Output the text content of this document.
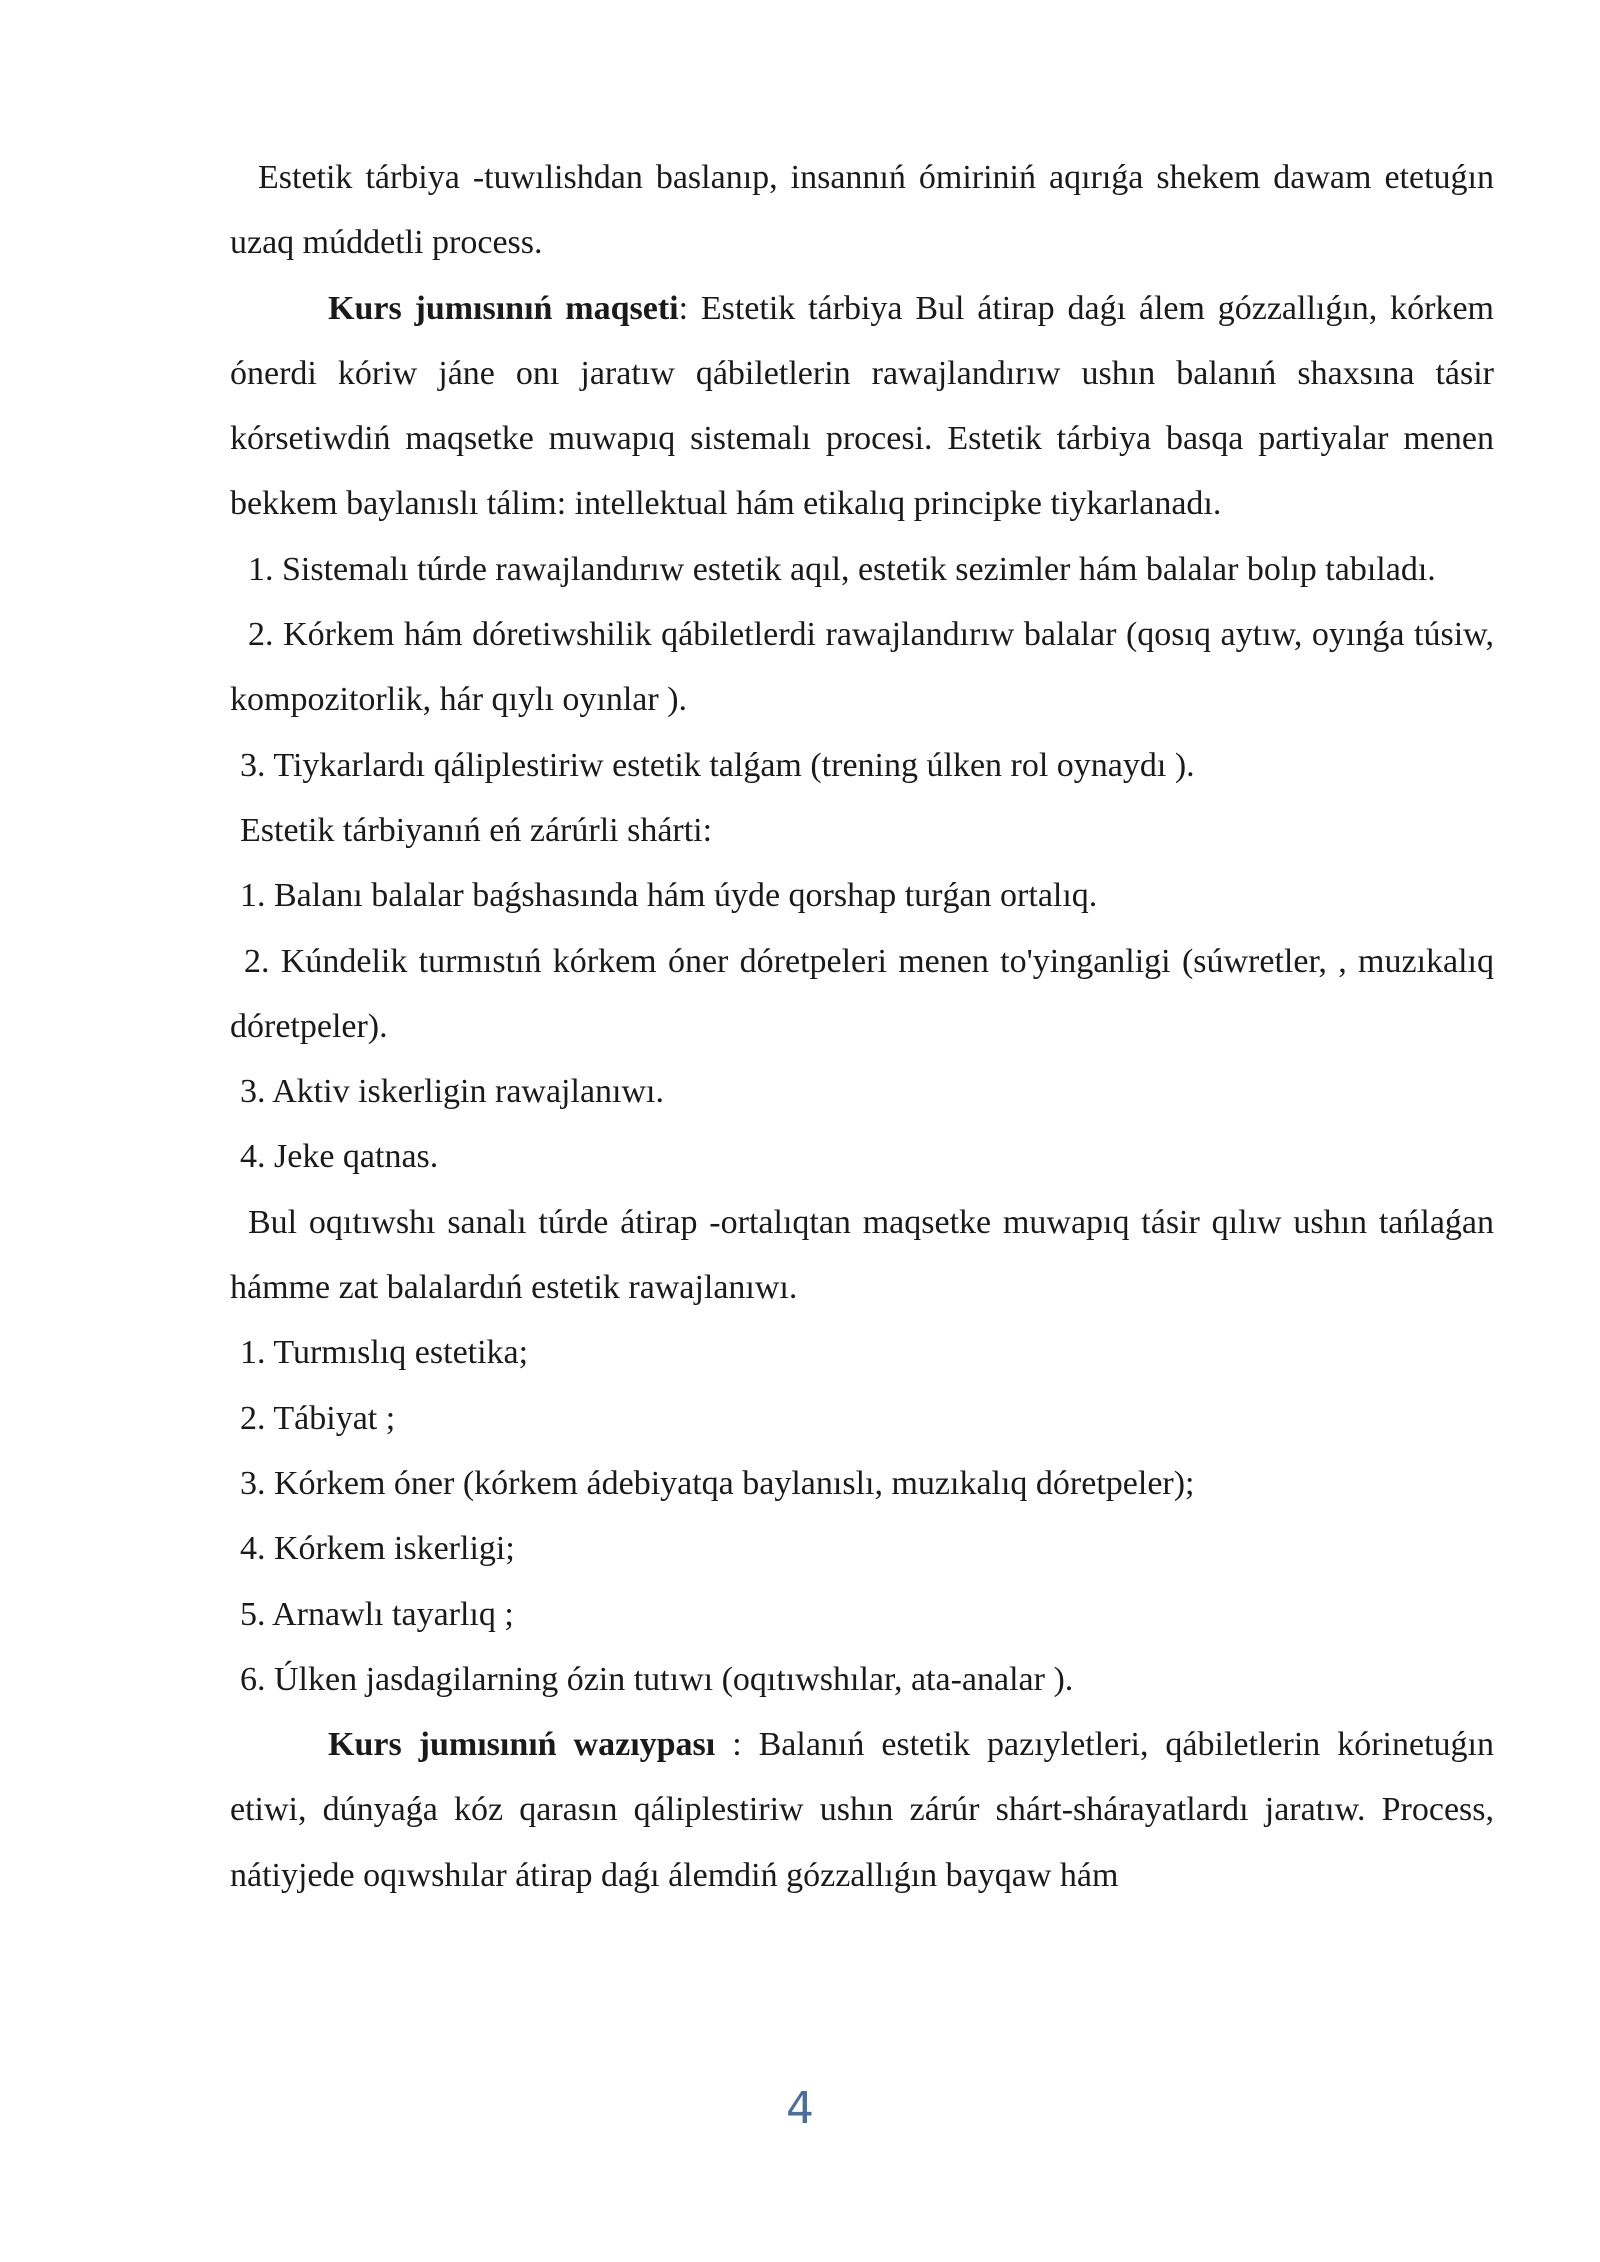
Estetik tárbiya -tuwılishdan baslanıp, insannıń ómiriniń aqırıǵa shekem dawam etetuǵın uzaq múddetli process.

Kurs jumısınıń maqseti: Estetik tárbiya Bul átirap daǵı álem gózzallıǵın, kórkem ónerdi kóriw jáne onı jaratıw qábiletlerin rawajlandırıw ushın balanıń shaxsına tásir kórsetiwdiń maqsetke muwapıq sistemalı procesi. Estetik tárbiya basqa partiyalar menen bekkem baylanıslı tálim: intellektual hám etikalıq principke tiykarlanadı.

1. Sistemalı túrde rawajlandırıw estetik aqıl, estetik sezimler hám balalar bolıp tabıladı.

2. Kórkem hám dóretiwshilik qábiletlerdi rawajlandırıw balalar (qosıq aytıw, oyınǵa túsiw, kompozitorlik, hár qıylı oyınlar ).

3. Tiykarlardı qáliplestiriw estetik talǵam (trening úlken rol oynaydı ).

Estetik tárbiyanıń eń zárúrli shárti:

1. Balanı balalar baǵshasında hám úyde qorshap turǵan ortalıq.

2. Kúndelik turmıstıń kórkem óner dóretpeleri menen to'yinganligi (súwretler, , muzıkalıq dóretpeler).

3. Aktiv iskerligin rawajlanıwı.

4. Jeke qatnas.

Bul oqıtıwshı sanalı túrde átirap -ortalıqtan maqsetke muwapıq tásir qılıw ushın tańlaǵan hámme zat balalardıń estetik rawajlanıwı.

1. Turmıslıq estetika;

2. Tábiyat ;

3. Kórkem óner (kórkem ádebiyatqa baylanıslı, muzıkalıq dóretpeler);

4. Kórkem iskerligi;

5. Arnawlı tayarlıq ;

6. Úlken jasdagilarning ózin tutıwı (oqıtıwshılar, ata-analar ).

Kurs jumısınıń wazıypası : Balanıń estetik pazıyletleri, qábiletlerin kórinetuǵın etiwi, dúnyaǵa kóz qarasın qáliplestiriw ushın zárúr shárt-shárayatlardı jaratıw. Process, nátiyjede oqıwshılar átirap daǵı álemdiń gózzallıǵın bayqaw hám

4
